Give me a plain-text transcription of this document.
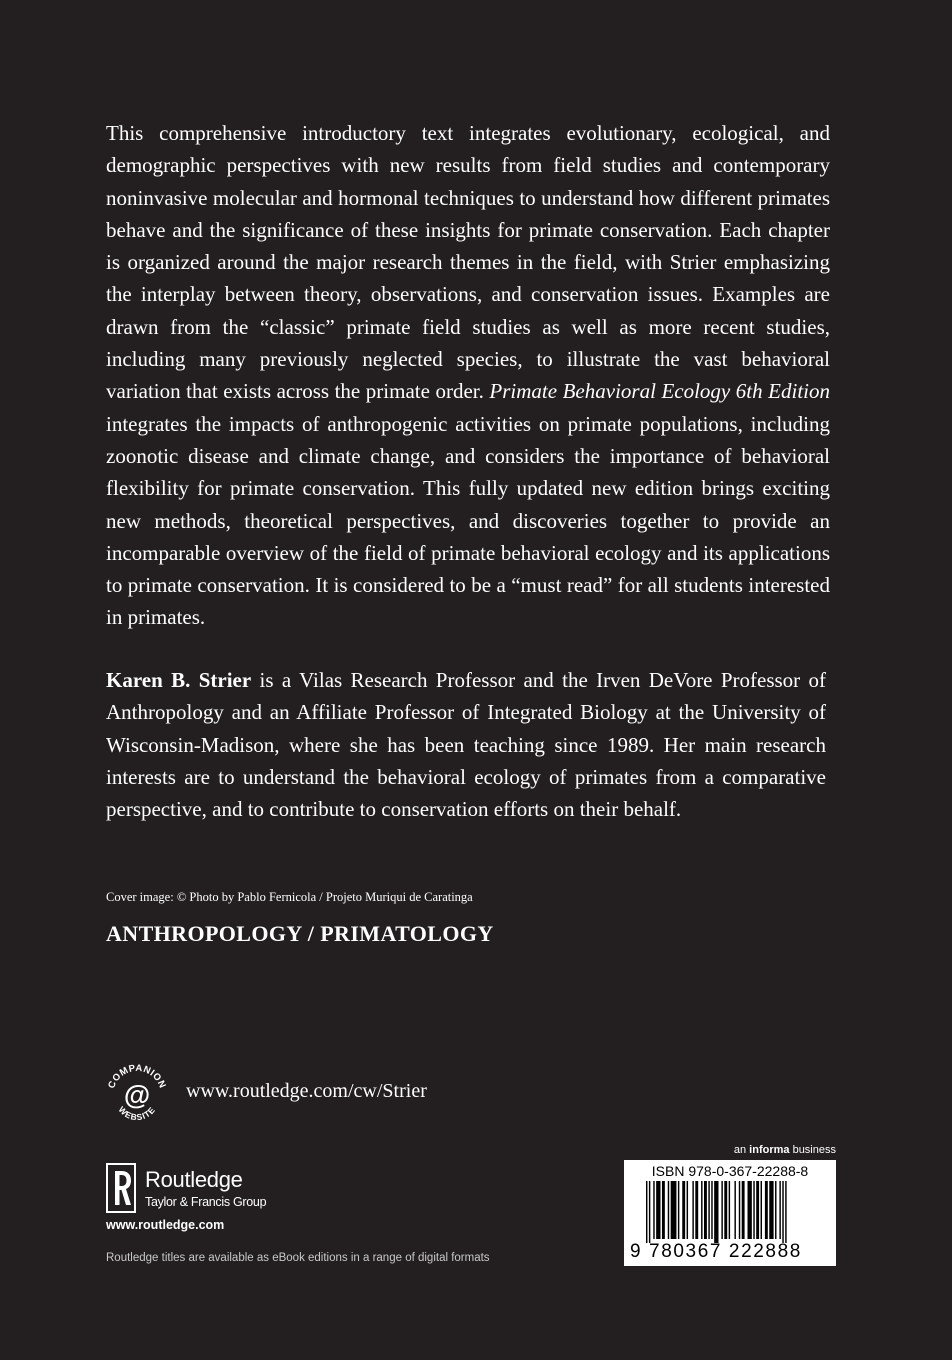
This comprehensive introductory text integrates evolutionary, ecological, and demographic perspectives with new results from field studies and contemporary noninvasive molecular and hormonal techniques to understand how different primates behave and the significance of these insights for primate conservation. Each chapter is organized around the major research themes in the field, with Strier emphasizing the interplay between theory, observations, and conservation issues. Examples are drawn from the “classic” primate field studies as well as more recent studies, including many previously neglected species, to illustrate the vast behavioral variation that exists across the primate order. Primate Behavioral Ecology 6th Edition integrates the impacts of anthropogenic activities on primate populations, including zoonotic disease and climate change, and considers the importance of behavioral flexibility for primate conservation. This fully updated new edition brings exciting new methods, theoretical perspectives, and discoveries together to provide an incomparable overview of the field of primate behavioral ecology and its applications to primate conservation. It is considered to be a “must read” for all students interested in primates.

Karen B. Strier is a Vilas Research Professor and the Irven DeVore Professor of Anthropology and an Affiliate Professor of Integrated Biology at the University of Wisconsin-Madison, where she has been teaching since 1989. Her main research interests are to understand the behavioral ecology of primates from a comparative perspective, and to contribute to conservation efforts on their behalf.

Cover image: © Photo by Pablo Fernicola / Projeto Muriqui de Caratinga

ANTHROPOLOGY / PRIMATOLOGY

COMPANION
WEBSITE
@ www.routledge.com/cw/Strier

Routledge

Taylor & Francis Group

www.routledge.com

Routledge titles are available as eBook editions in a range of digital formats

an informa business

ISBN 978-0-367-22288-8

9 780367 222888
